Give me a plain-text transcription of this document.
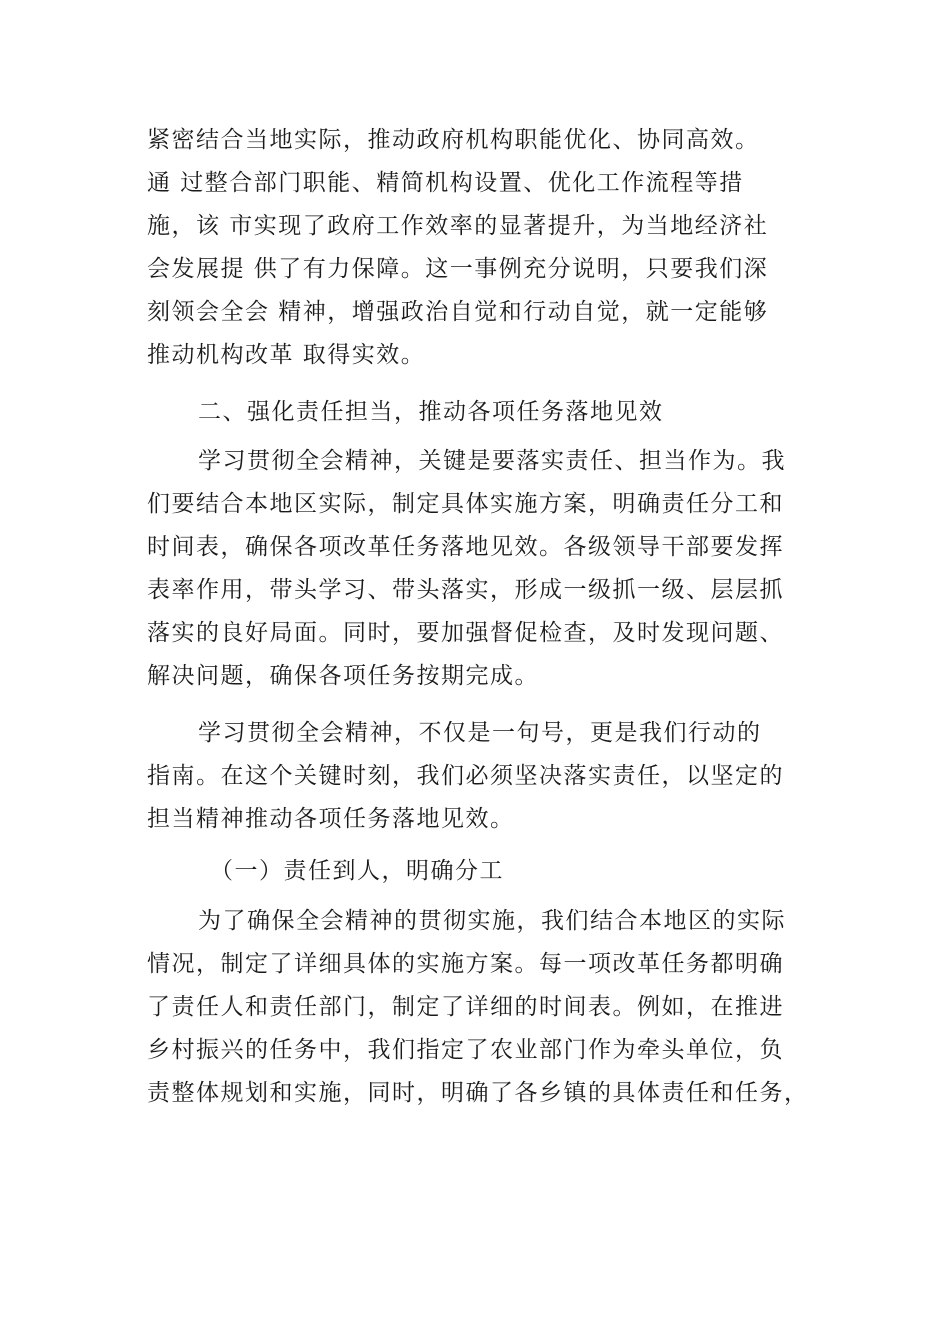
紧密结合当地实际，推动政府机构职能优化、协同高效。
通 过整合部门职能、精简机构设置、优化工作流程等措
施，该 市实现了政府工作效率的显著提升，为当地经济社
会发展提 供了有力保障。这一事例充分说明，只要我们深
刻领会全会 精神，增强政治自觉和行动自觉，就一定能够
推动机构改革 取得实效。
二、强化责任担当，推动各项任务落地见效
学习贯彻全会精神，关键是要落实责任、担当作为。我
们要结合本地区实际，制定具体实施方案，明确责任分工和
时间表，确保各项改革任务落地见效。各级领导干部要发挥
表率作用，带头学习、带头落实，形成一级抓一级、层层抓
落实的良好局面。同时，要加强督促检查，及时发现问题、
解决问题，确保各项任务按期完成。
学习贯彻全会精神，不仅是一句号，更是我们行动的
指南。在这个关键时刻，我们必须坚决落实责任，以坚定的
担当精神推动各项任务落地见效。
（一）责任到人，明确分工
为了确保全会精神的贯彻实施，我们结合本地区的实际
情况，制定了详细具体的实施方案。每一项改革任务都明确
了责任人和责任部门，制定了详细的时间表。例如，在推进
乡村振兴的任务中，我们指定了农业部门作为牵头单位，负
责整体规划和实施，同时，明确了各乡镇的具体责任和任务，
